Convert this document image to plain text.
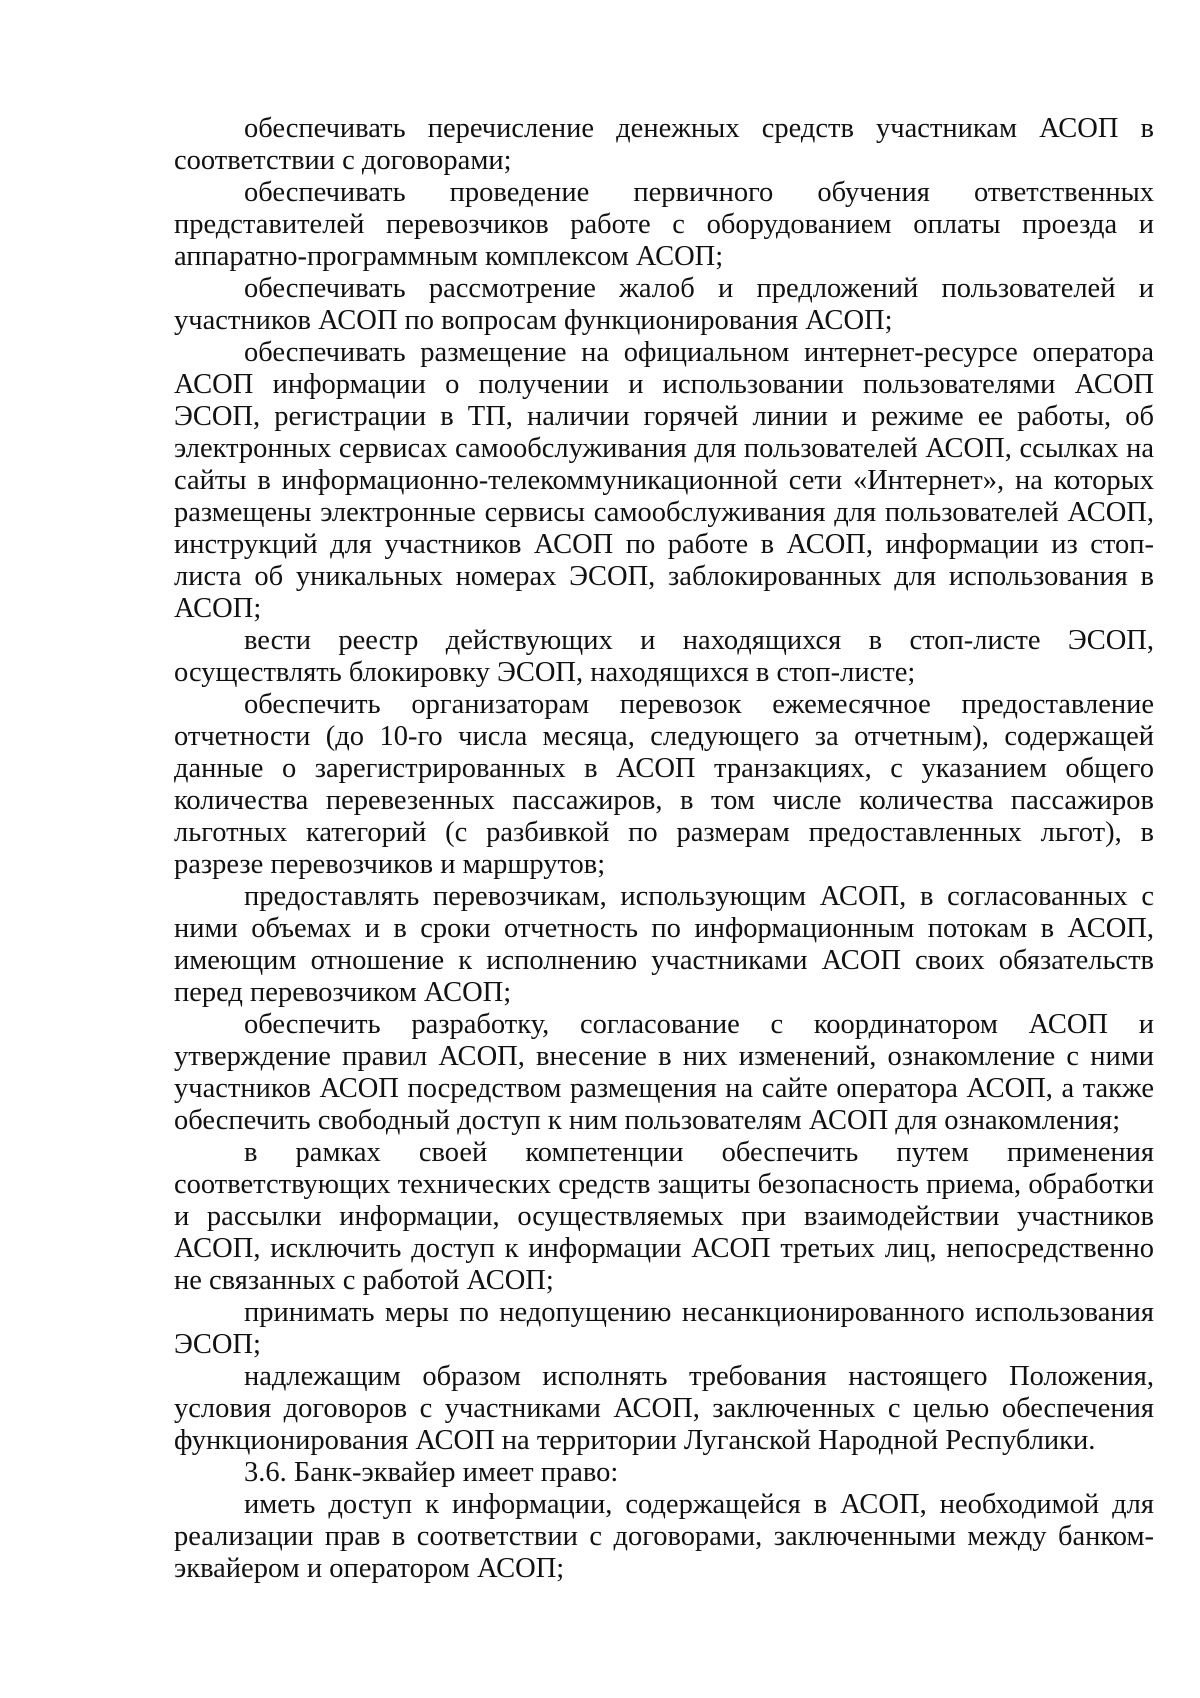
обеспечивать перечисление денежных средств участникам АСОП в соответствии с договорами;

обеспечивать проведение первичного обучения ответственных представителей перевозчиков работе с оборудованием оплаты проезда и аппаратно-программным комплексом АСОП;

обеспечивать рассмотрение жалоб и предложений пользователей и участников АСОП по вопросам функционирования АСОП;

обеспечивать размещение на официальном интернет-ресурсе оператора АСОП информации о получении и использовании пользователями АСОП ЭСОП, регистрации в ТП, наличии горячей линии и режиме ее работы, об электронных сервисах самообслуживания для пользователей АСОП, ссылках на сайты в информационно-телекоммуникационной сети «Интернет», на которых размещены электронные сервисы самообслуживания для пользователей АСОП, инструкций для участников АСОП по работе в АСОП, информации из стоп-листа об уникальных номерах ЭСОП, заблокированных для использования в АСОП;

вести реестр действующих и находящихся в стоп-листе ЭСОП, осуществлять блокировку ЭСОП, находящихся в стоп-листе;

обеспечить организаторам перевозок ежемесячное предоставление отчетности (до 10-го числа месяца, следующего за отчетным), содержащей данные о зарегистрированных в АСОП транзакциях, с указанием общего количества перевезенных пассажиров, в том числе количества пассажиров льготных категорий (с разбивкой по размерам предоставленных льгот), в разрезе перевозчиков и маршрутов;

предоставлять перевозчикам, использующим АСОП, в согласованных с ними объемах и в сроки отчетность по информационным потокам в АСОП, имеющим отношение к исполнению участниками АСОП своих обязательств перед перевозчиком АСОП;

обеспечить разработку, согласование с координатором АСОП и утверждение правил АСОП, внесение в них изменений, ознакомление с ними участников АСОП посредством размещения на сайте оператора АСОП, а также обеспечить свободный доступ к ним пользователям АСОП для ознакомления;

в рамках своей компетенции обеспечить путем применения соответствующих технических средств защиты безопасность приема, обработки и рассылки информации, осуществляемых при взаимодействии участников АСОП, исключить доступ к информации АСОП третьих лиц, непосредственно не связанных с работой АСОП;

принимать меры по недопущению несанкционированного использования ЭСОП;

надлежащим образом исполнять требования настоящего Положения, условия договоров с участниками АСОП, заключенных с целью обеспечения функционирования АСОП на территории Луганской Народной Республики.

3.6. Банк-эквайер имеет право:

иметь доступ к информации, содержащейся в АСОП, необходимой для реализации прав в соответствии с договорами, заключенными между банком-эквайером и оператором АСОП;
